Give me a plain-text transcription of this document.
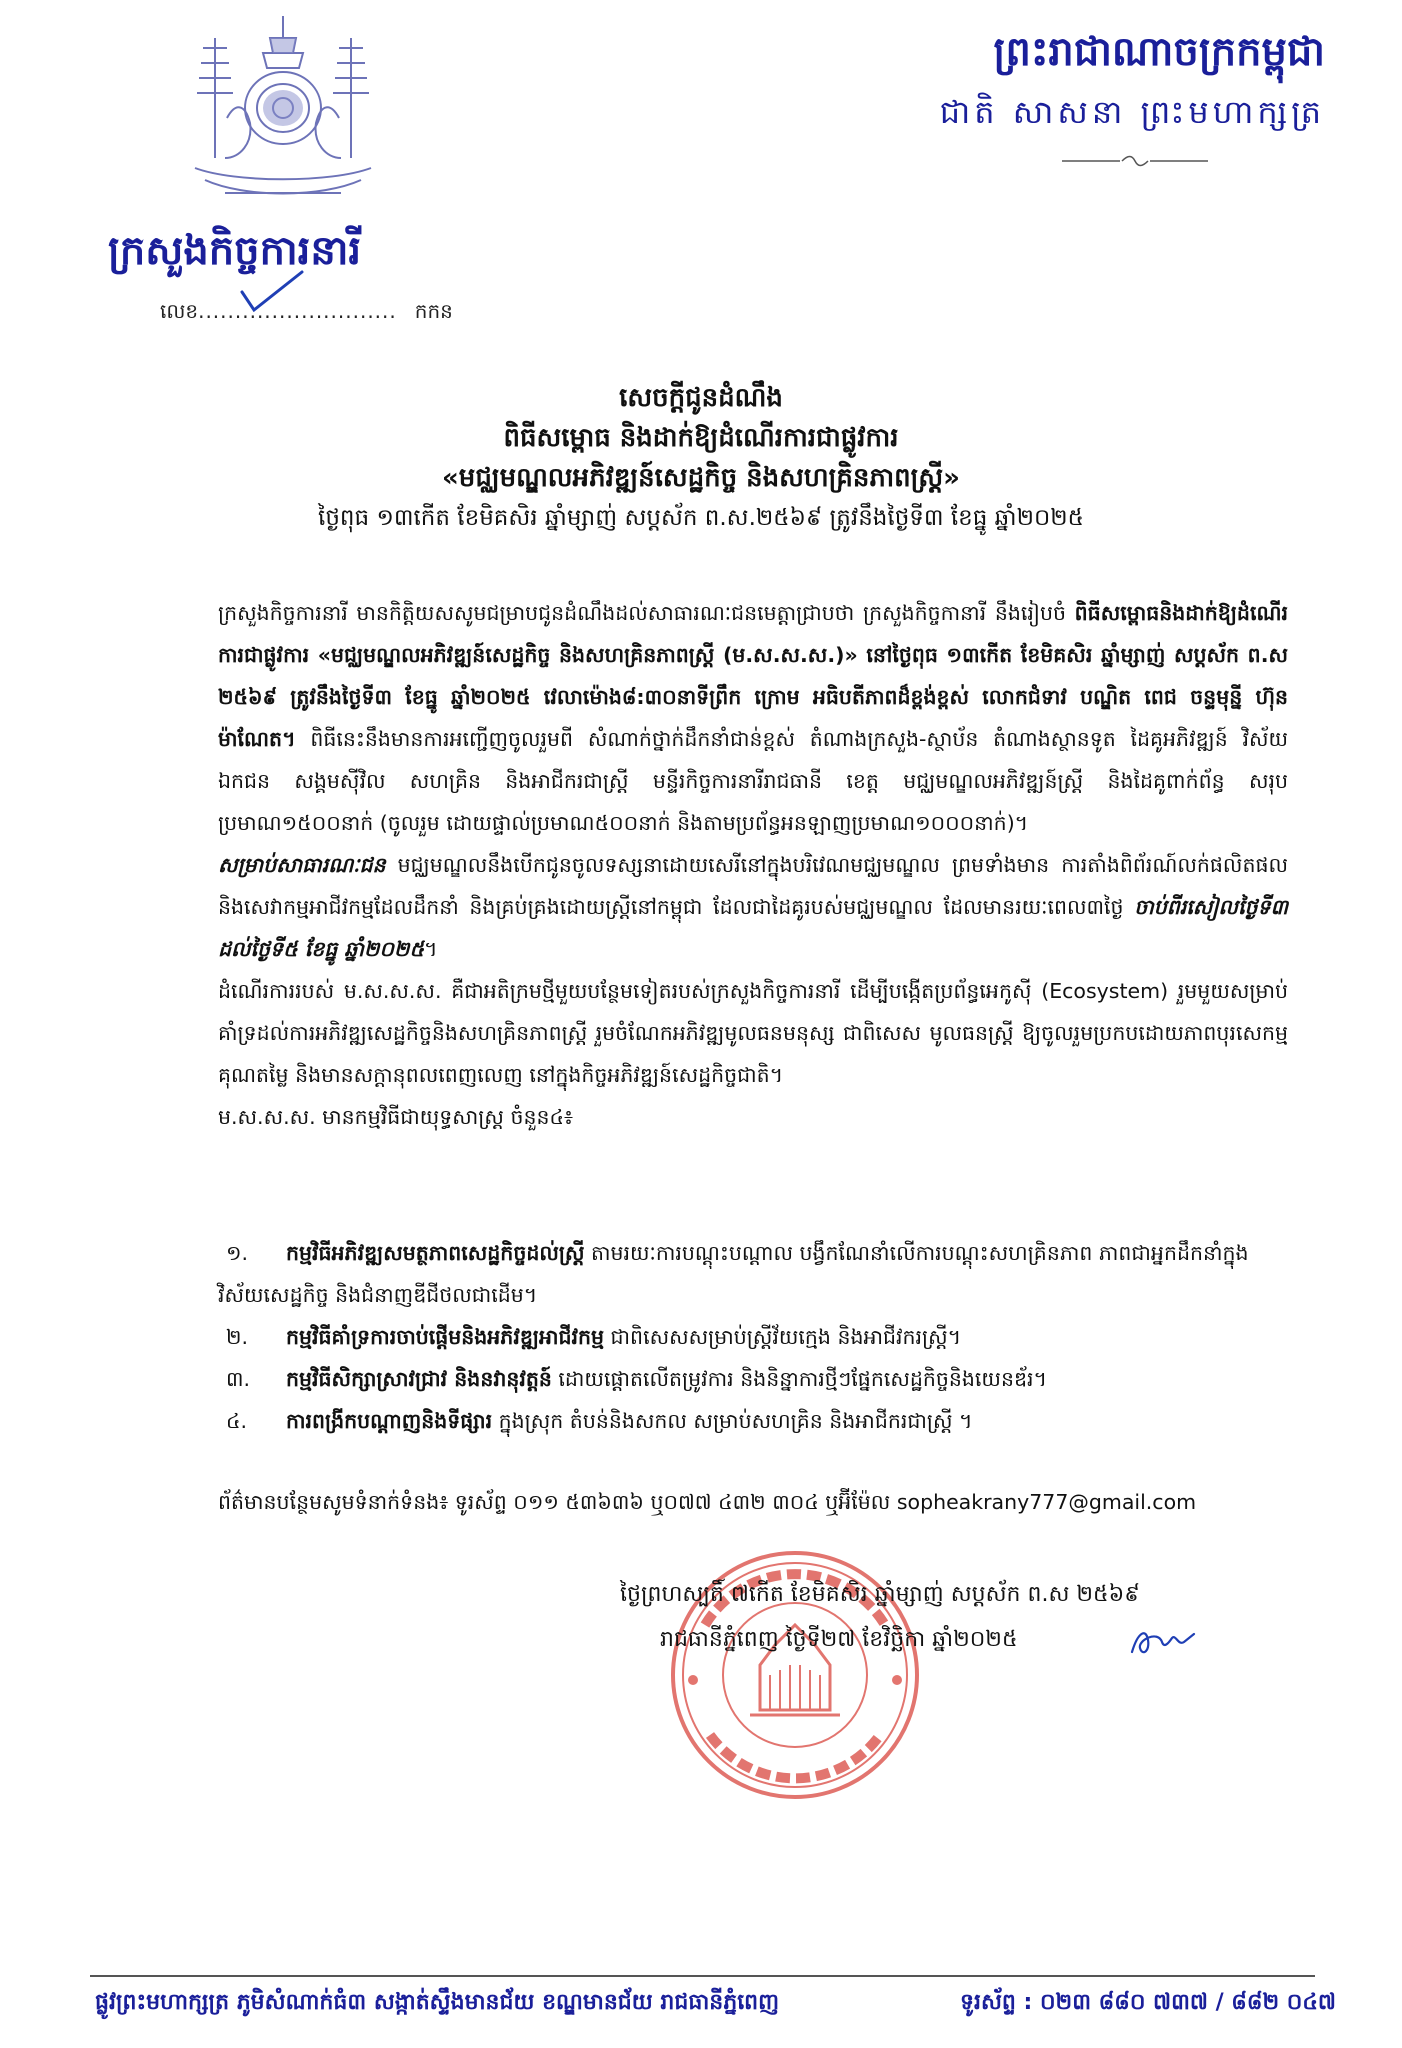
ក្រសួងកិច្ចការនារី
លេខ........................... កកន
ព្រះរាជាណាចក្រកម្ពុជា
ជាតិ សាសនា ព្រះមហាក្សត្រ
សេចក្តីជូនដំណឹង
ពិធីសម្ពោធ និងដាក់ឱ្យដំណើរការជាផ្លូវការ
«មជ្ឈមណ្ឌលអភិវឌ្ឍន៍សេដ្ឋកិច្ច និងសហគ្រិនភាពស្ត្រី»
ថ្ងៃពុធ ១៣កើត ខែមិគសិរ ឆ្នាំម្សាញ់ សប្តស័ក ព.ស.២៥៦៩ ត្រូវនឹងថ្ងៃទី៣ ខែធ្នូ ឆ្នាំ២០២៥

ក្រសួងកិច្ចការនារី មានកិត្តិយសសូមជម្រាបជូនដំណឹងដល់សាធារណៈជនមេត្តាជ្រាបថា ក្រសួងកិច្ចកានារី នឹងរៀបចំ ពិធីសម្ពោធនិងដាក់ឱ្យដំណើរការជាផ្លូវការ «មជ្ឈមណ្ឌលអភិវឌ្ឍន៍សេដ្ឋកិច្ច និងសហគ្រិនភាពស្ត្រី (ម.ស.ស.ស.)» នៅថ្ងៃពុធ ១៣កើត ខែមិគសិរ ឆ្នាំម្សាញ់ សប្តស័ក ព.ស ២៥៦៩ ត្រូវនឹងថ្ងៃទី៣ ខែធ្នូ ឆ្នាំ២០២៥ វេលាម៉ោង៨:៣០នាទីព្រឹក ក្រោម អធិបតីភាពដ៏ខ្ពង់ខ្ពស់ លោកជំទាវ បណ្ឌិត ពេជ ចន្ទមុន្នី ហ៊ុនម៉ាណែត។ ពិធីនេះនឹងមានការអញ្ជើញចូលរួមពី សំណាក់ថ្នាក់ដឹកនាំជាន់ខ្ពស់ តំណាងក្រសួង-ស្ថាប័ន តំណាងស្ថានទូត ដៃគូអភិវឌ្ឍន៍ វិស័យឯកជន សង្គមស៊ីវិល សហគ្រិន និងអាជីករជាស្ត្រី មន្ទីរកិច្ចការនារីរាជធានី ខេត្ត មជ្ឈមណ្ឌលអភិវឌ្ឍន៍ស្ត្រី និងដៃគូពាក់ព័ន្ធ សរុបប្រមាណ១៥០០នាក់ (ចូលរួម ដោយផ្ទាល់ប្រមាណ៥០០នាក់ និងតាមប្រព័ន្ធអនឡាញប្រមាណ១០០០នាក់)។

សម្រាប់សាធារណៈជន មជ្ឈមណ្ឌលនឹងបើកជូនចូលទស្សនាដោយសេរីនៅក្នុងបរិវេណមជ្ឈមណ្ឌល ព្រមទាំងមាន ការតាំងពិព័រណ៍លក់ផលិតផល និងសេវាកម្មអាជីវកម្មដែលដឹកនាំ និងគ្រប់គ្រងដោយស្ត្រីនៅកម្ពុជា ដែលជាដៃគូរបស់មជ្ឈមណ្ឌល ដែលមានរយៈពេល៣ថ្ងៃ ចាប់ពីរសៀលថ្ងៃទី៣ ដល់ថ្ងៃទី៥ ខែធ្នូ ឆ្នាំ២០២៥។

ដំណើរការរបស់ ម.ស.ស.ស. គឺជាអតិក្រមថ្មីមួយបន្ថែមទៀតរបស់ក្រសួងកិច្ចការនារី ដើម្បីបង្កើតប្រព័ន្ធអេកូស៊ី (Ecosystem) រួមមួយសម្រាប់គាំទ្រដល់ការអភិវឌ្ឍសេដ្ឋកិច្ចនិងសហគ្រិនភាពស្ត្រី រួមចំណែកអភិវឌ្ឍមូលធនមនុស្ស ជាពិសេស មូលធនស្ត្រី ឱ្យចូលរួមប្រកបដោយភាពបុរសេកម្ម គុណតម្លៃ និងមានសក្តានុពលពេញលេញ នៅក្នុងកិច្ចអភិវឌ្ឍន៍សេដ្ឋកិច្ចជាតិ។

ម.ស.ស.ស. មានកម្មវិធីជាយុទ្ធសាស្ត្រ ចំនួន៤៖

១. កម្មវិធីអភិវឌ្ឍសមត្ថភាពសេដ្ឋកិច្ចដល់ស្ត្រី តាមរយៈការបណ្តុះបណ្តាល បង្វឹកណែនាំលើការបណ្តុះសហគ្រិនភាព ភាពជាអ្នកដឹកនាំក្នុងវិស័យសេដ្ឋកិច្ច និងជំនាញឌីជីថលជាដើម។
២. កម្មវិធីគាំទ្រការចាប់ផ្តើមនិងអភិវឌ្ឍអាជីវកម្ម ជាពិសេសសម្រាប់ស្ត្រីវ័យក្មេង និងអាជីវករស្ត្រី។
៣. កម្មវិធីសិក្សាស្រាវជ្រាវ និងនវានុវត្តន៍ ដោយផ្តោតលើតម្រូវការ និងនិន្នាការថ្មីៗផ្នែកសេដ្ឋកិច្ចនិងយេនឌ័រ។
៤. ការពង្រីកបណ្តាញនិងទីផ្សារ ក្នុងស្រុក តំបន់និងសកល សម្រាប់សហគ្រិន និងអាជីករជាស្ត្រី ។
ព័ត៌មានបន្ថែមសូមទំនាក់ទំនង៖ ទូរស័ព្ទ ០១១ ៥៣៦៣៦ ឬ០៧៧ ៤៣២ ៣០៤ ឬអ៊ីម៉ែល sopheakrany777@gmail.com
ថ្ងៃព្រហស្បតិ៍ ៧កើត ខែមិគសិរ ឆ្នាំម្សាញ់ សប្តស័ក ព.ស ២៥៦៩
រាជធានីភ្នំពេញ ថ្ងៃទី២៧ ខែវិច្ឆិកា ឆ្នាំ២០២៥
ផ្លូវព្រះមហាក្សត្រ ភូមិសំណាក់ធំ៣ សង្កាត់ស្ទឹងមានជ័យ ខណ្ឌមានជ័យ រាជធានីភ្នំពេញ	ទូរស័ព្ទ : ០២៣ ៨៨០ ៧៣៧ / ៨៨២ ០៤៧
